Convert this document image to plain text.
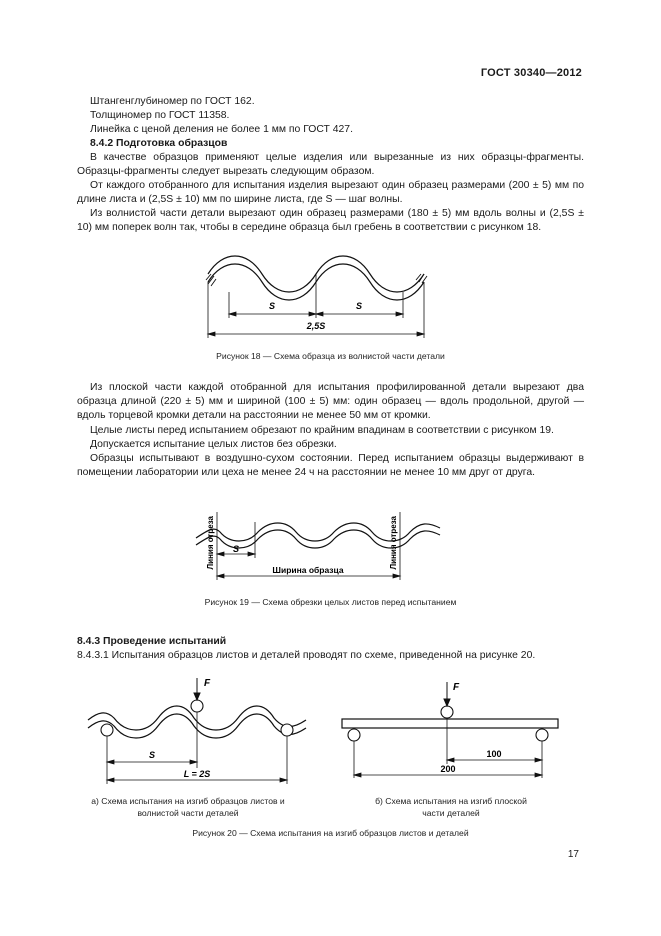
ГОСТ 30340—2012
Штангенглубиномер по ГОСТ 162.
Толщиномер по ГОСТ 11358.
Линейка с ценой деления не более 1 мм по ГОСТ 427.
8.4.2 Подготовка образцов
В качестве образцов применяют целые изделия или вырезанные из них образцы-фрагменты. Образцы-фрагменты следует вырезать следующим образом.
От каждого отобранного для испытания изделия вырезают один образец размерами (200 ± 5) мм по длине листа и (2,5S ± 10) мм по ширине листа, где S — шаг волны.
Из волнистой части детали вырезают один образец размерами (180 ± 5) мм вдоль волны и (2,5S ± 10) мм поперек волн так, чтобы в середине образца был гребень в соответствии с рисунком 18.
S	S
2,5S
Рисунок 18 — Схема образца из волнистой части детали
Из плоской части каждой отобранной для испытания профилированной детали вырезают два образца длиной (220 ± 5) мм и шириной (100 ± 5) мм: один образец — вдоль продольной, другой — вдоль торцевой кромки детали на расстоянии не менее 50 мм от кромки.
Целые листы перед испытанием обрезают по крайним впадинам в соответствии с рисунком 19.
Допускается испытание целых листов без обрезки.
Образцы испытывают в воздушно-сухом состоянии. Перед испытанием образцы выдерживают в помещении лаборатории или цеха не менее 24 ч на расстоянии не менее 10 мм друг от друга.
Линия отреза	Линия отреза
S
Ширина образца
Рисунок 19 — Схема обрезки целых листов перед испытанием
8.4.3 Проведение испытаний
8.4.3.1 Испытания образцов листов и деталей проводят по схеме, приведенной на рисунке 20.
F
S
L = 2S
а) Схема испытания на изгиб образцов листов и волнистой части деталей
F
100
200
б) Схема испытания на изгиб плоской части деталей
Рисунок 20 — Схема испытания на изгиб образцов листов и деталей
17
